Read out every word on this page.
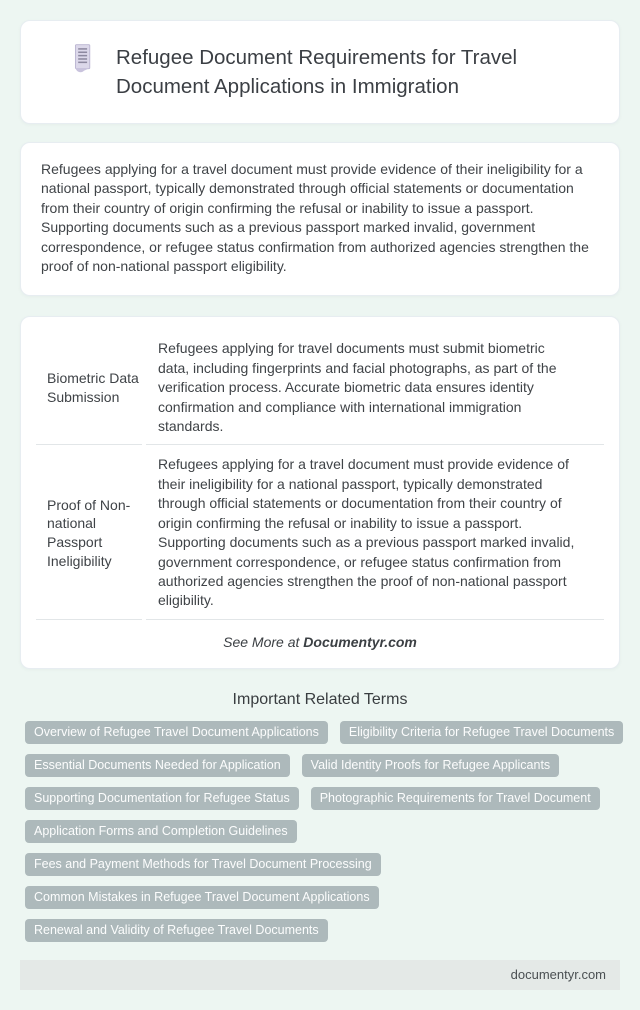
Refugee Document Requirements for Travel Document Applications in Immigration

Refugees applying for a travel document must provide evidence of their ineligibility for a national passport, typically demonstrated through official statements or documentation from their country of origin confirming the refusal or inability to issue a passport. Supporting documents such as a previous passport marked invalid, government correspondence, or refugee status confirmation from authorized agencies strengthen the proof of non-national passport eligibility.

Biometric Data Submission
Refugees applying for travel documents must submit biometric data, including fingerprints and facial photographs, as part of the verification process. Accurate biometric data ensures identity confirmation and compliance with international immigration standards.
Proof of Non-national Passport Ineligibility
Refugees applying for a travel document must provide evidence of their ineligibility for a national passport, typically demonstrated through official statements or documentation from their country of origin confirming the refusal or inability to issue a passport. Supporting documents such as a previous passport marked invalid, government correspondence, or refugee status confirmation from authorized agencies strengthen the proof of non-national passport eligibility.
See More at Documentyr.com
Important Related Terms
Overview of Refugee Travel Document Applications	Eligibility Criteria for Refugee Travel Documents
Essential Documents Needed for Application	Valid Identity Proofs for Refugee Applicants
Supporting Documentation for Refugee Status	Photographic Requirements for Travel Document
Application Forms and Completion Guidelines
Fees and Payment Methods for Travel Document Processing
Common Mistakes in Refugee Travel Document Applications
Renewal and Validity of Refugee Travel Documents
documentyr.com
